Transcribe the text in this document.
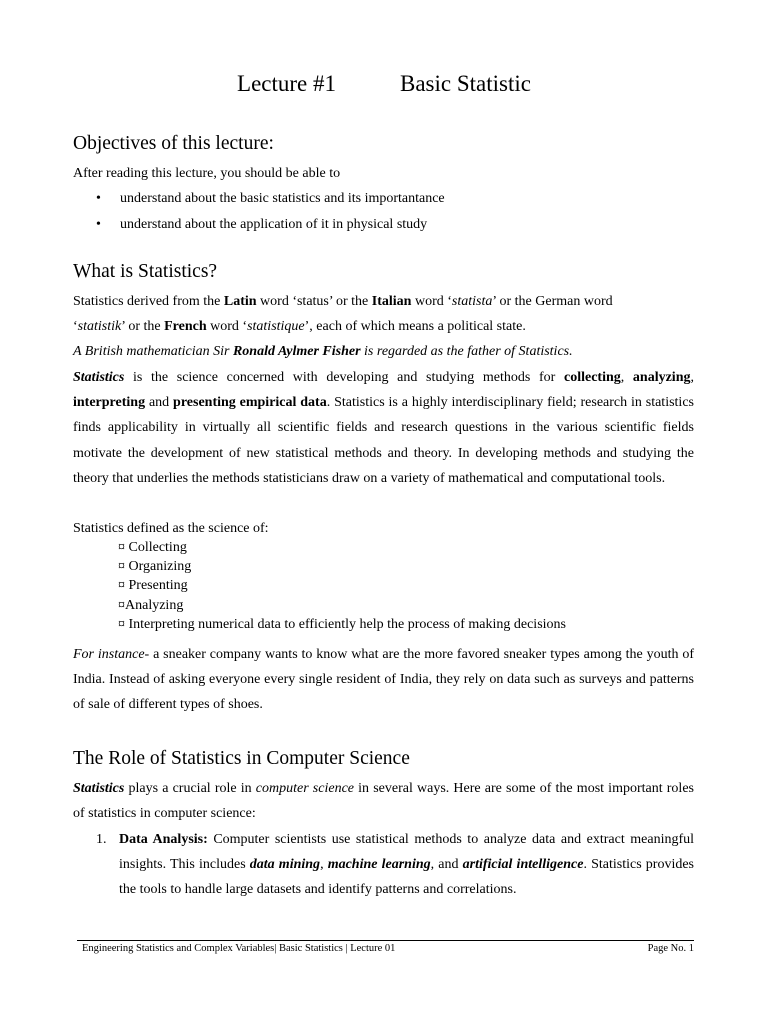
Lecture #1	Basic Statistic
Objectives of this lecture:
After reading this lecture, you should be able to
• understand about the basic statistics and its importantance
• understand about the application of it in physical study
What is Statistics?
Statistics derived from the Latin word ‘status’ or the Italian word ‘statista’ or the German word
‘statistik’ or the French word ‘statistique’, each of which means a political state.
A British mathematician Sir Ronald Aylmer Fisher is regarded as the father of Statistics.
Statistics is the science concerned with developing and studying methods for collecting, analyzing, interpreting and presenting empirical data. Statistics is a highly interdisciplinary field; research in statistics finds applicability in virtually all scientific fields and research questions in the various scientific fields motivate the development of new statistical methods and theory. In developing methods and studying the theory that underlies the methods statisticians draw on a variety of mathematical and computational tools.
Statistics defined as the science of:
¤ Collecting
¤ Organizing
¤ Presenting
¤Analyzing
¤ Interpreting numerical data to efficiently help the process of making decisions
For instance- a sneaker company wants to know what are the more favored sneaker types among the youth of India. Instead of asking everyone every single resident of India, they rely on data such as surveys and patterns of sale of different types of shoes.
The Role of Statistics in Computer Science
Statistics plays a crucial role in computer science in several ways. Here are some of the most important roles of statistics in computer science:
1. Data Analysis: Computer scientists use statistical methods to analyze data and extract meaningful insights. This includes data mining, machine learning, and artificial intelligence. Statistics provides the tools to handle large datasets and identify patterns and correlations.
Engineering Statistics and Complex Variables| Basic Statistics | Lecture 01	Page No. 1
